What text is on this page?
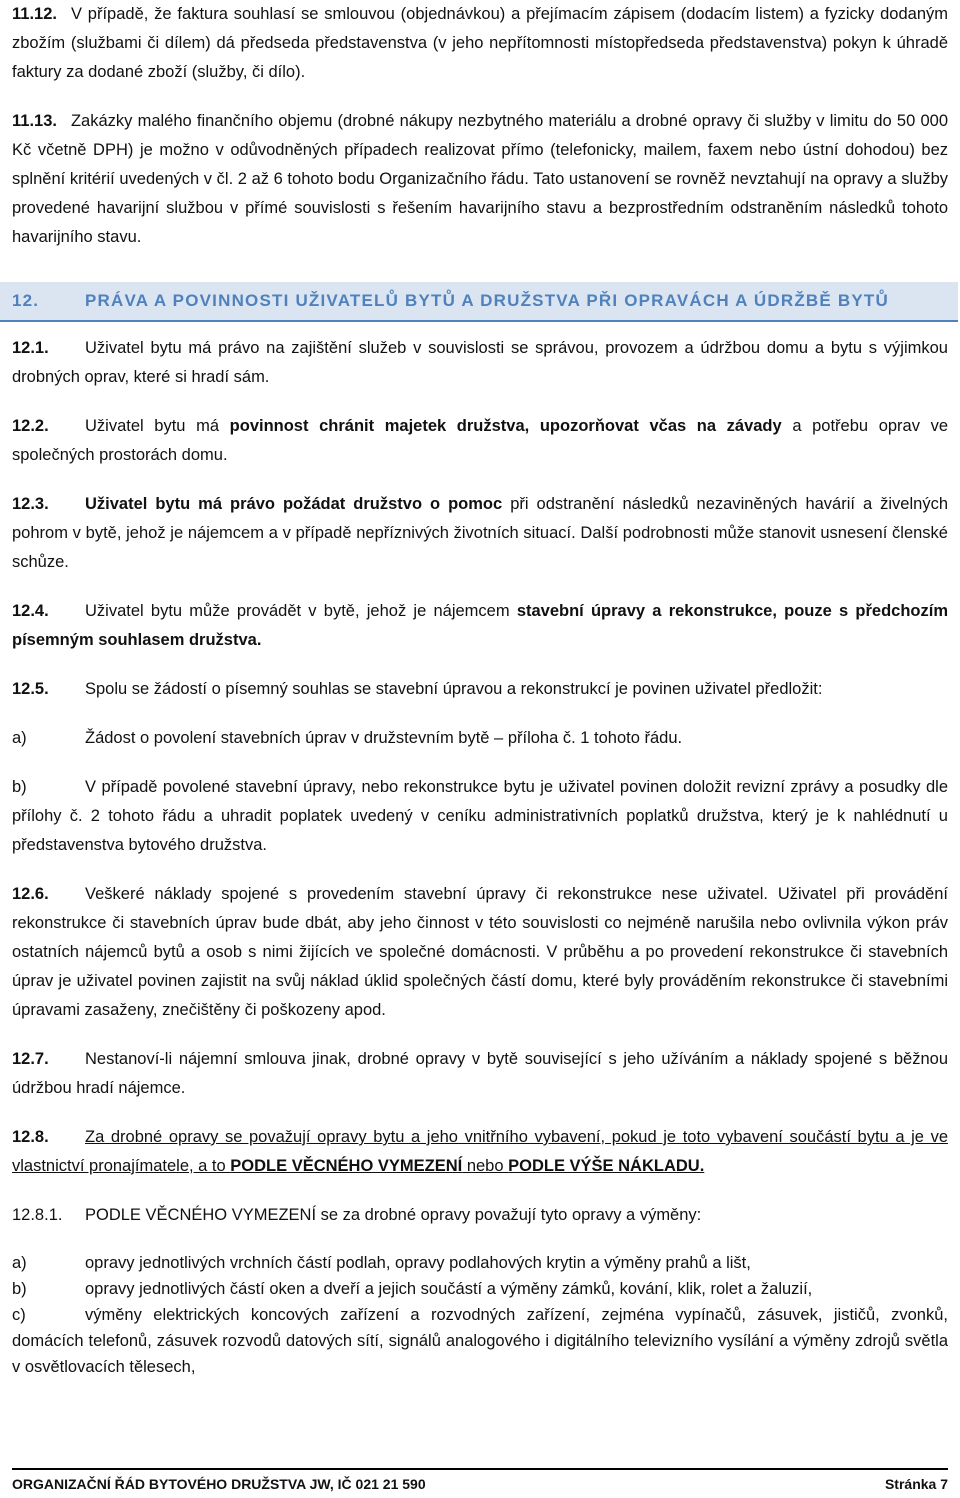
11.12. V případě, že faktura souhlasí se smlouvou (objednávkou) a přejímacím zápisem (dodacím listem) a fyzicky dodaným zbožím (službami či dílem) dá předseda představenstva (v jeho nepřítomnosti místopředseda představenstva) pokyn k úhradě faktury za dodané zboží (služby, či dílo).

11.13. Zakázky malého finančního objemu (drobné nákupy nezbytného materiálu a drobné opravy či služby v limitu do 50 000 Kč včetně DPH) je možno v odůvodněných případech realizovat přímo (telefonicky, mailem, faxem nebo ústní dohodou) bez splnění kritérií uvedených v čl. 2 až 6 tohoto bodu Organizačního řádu. Tato ustanovení se rovněž nevztahují na opravy a služby provedené havarijní službou v přímé souvislosti s řešením havarijního stavu a bezprostředním odstraněním následků tohoto havarijního stavu.

12.	PRÁVA A POVINNOSTI UŽIVATELŮ BYTŮ A DRUŽSTVA PŘI OPRAVÁCH A ÚDRŽBĚ BYTŮ

12.1. Uživatel bytu má právo na zajištění služeb v souvislosti se správou, provozem a údržbou domu a bytu s výjimkou drobných oprav, které si hradí sám.

12.2. Uživatel bytu má povinnost chránit majetek družstva, upozorňovat včas na závady a potřebu oprav ve společných prostorách domu.

12.3. Uživatel bytu má právo požádat družstvo o pomoc při odstranění následků nezaviněných havárií a živelných pohrom v bytě, jehož je nájemcem a v případě nepříznivých životních situací. Další podrobnosti může stanovit usnesení členské schůze.

12.4. Uživatel bytu může provádět v bytě, jehož je nájemcem stavební úpravy a rekonstrukce, pouze s předchozím písemným souhlasem družstva.

12.5. Spolu se žádostí o písemný souhlas se stavební úpravou a rekonstrukcí je povinen uživatel předložit:

a)	Žádost o povolení stavebních úprav v družstevním bytě – příloha č. 1 tohoto řádu.

b)	V případě povolené stavební úpravy, nebo rekonstrukce bytu je uživatel povinen doložit revizní zprávy a posudky dle přílohy č. 2 tohoto řádu a uhradit poplatek uvedený v ceníku administrativních poplatků družstva, který je k nahlédnutí u představenstva bytového družstva.

12.6. Veškeré náklady spojené s provedením stavební úpravy či rekonstrukce nese uživatel. Uživatel při provádění rekonstrukce či stavebních úprav bude dbát, aby jeho činnost v této souvislosti co nejméně narušila nebo ovlivnila výkon práv ostatních nájemců bytů a osob s nimi žijících ve společné domácnosti. V průběhu a po provedení rekonstrukce či stavebních úprav je uživatel povinen zajistit na svůj náklad úklid společných částí domu, které byly prováděním rekonstrukce či stavebními úpravami zasaženy, znečištěny či poškozeny apod.

12.7. Nestanoví-li nájemní smlouva jinak, drobné opravy v bytě související s jeho užíváním a náklady spojené s běžnou údržbou hradí nájemce.

12.8. Za drobné opravy se považují opravy bytu a jeho vnitřního vybavení, pokud je toto vybavení součástí bytu a je ve vlastnictví pronajímatele, a to PODLE VĚCNÉHO VYMEZENÍ nebo PODLE VÝŠE NÁKLADU.

12.8.1. PODLE VĚCNÉHO VYMEZENÍ se za drobné opravy považují tyto opravy a výměny:

a)	opravy jednotlivých vrchních částí podlah, opravy podlahových krytin a výměny prahů a lišt,

b)	opravy jednotlivých částí oken a dveří a jejich součástí a výměny zámků, kování, klik, rolet a žaluzií,

c)	výměny elektrických koncových zařízení a rozvodných zařízení, zejména vypínačů, zásuvek, jističů, zvonků, domácích telefonů, zásuvek rozvodů datových sítí, signálů analogového i digitálního televizního vysílání a výměny zdrojů světla v osvětlovacích tělesech,

ORGANIZAČNÍ ŘÁD BYTOVÉHO DRUŽSTVA JW, IČ 021 21 590	Stránka 7
